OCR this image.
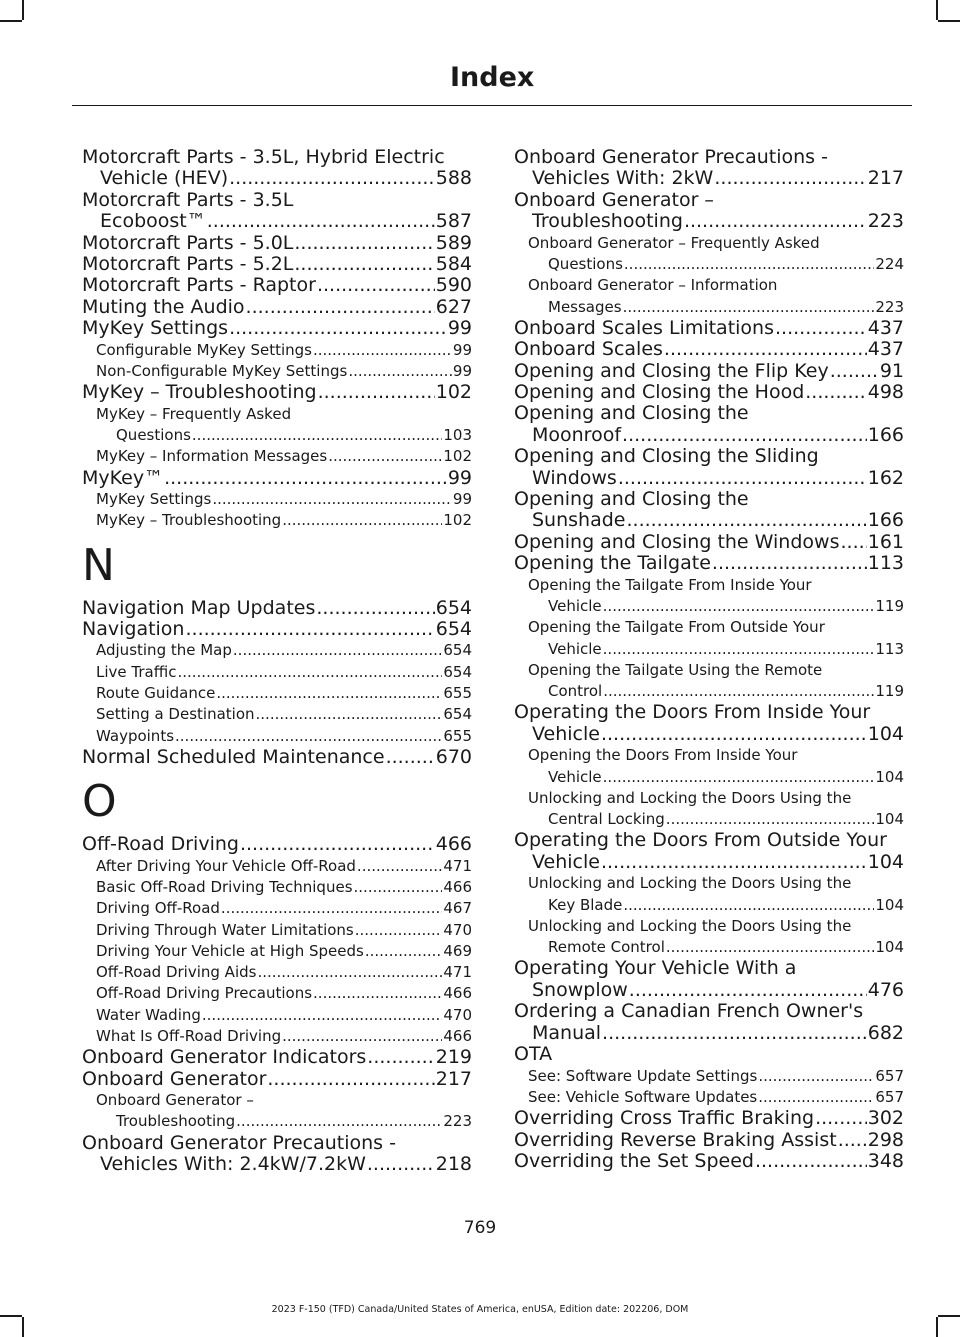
Index
Motorcraft Parts - 3.5L, Hybrid Electric
Vehicle (HEV) .....	588
Motorcraft Parts - 3.5L
Ecoboost™ .....	587
Motorcraft Parts - 5.0L .....	589
Motorcraft Parts - 5.2L .....	584
Motorcraft Parts - Raptor .....	590
Muting the Audio .....	627
MyKey Settings .....	99
Configurable MyKey Settings .....	99
Non-Configurable MyKey Settings .....	99
MyKey – Troubleshooting .....	102
MyKey – Frequently Asked
Questions .....	103
MyKey – Information Messages .....	102
MyKey™ .....	99
MyKey Settings .....	99
MyKey – Troubleshooting .....	102
N
Navigation Map Updates .....	654
Navigation .....	654
Adjusting the Map .....	654
Live Traffic .....	654
Route Guidance .....	655
Setting a Destination .....	654
Waypoints .....	655
Normal Scheduled Maintenance .....	670
O
Off-Road Driving .....	466
After Driving Your Vehicle Off-Road .....	471
Basic Off-Road Driving Techniques .....	466
Driving Off-Road .....	467
Driving Through Water Limitations .....	470
Driving Your Vehicle at High Speeds .....	469
Off-Road Driving Aids .....	471
Off-Road Driving Precautions .....	466
Water Wading .....	470
What Is Off-Road Driving .....	466
Onboard Generator Indicators .....	219
Onboard Generator .....	217
Onboard Generator –
Troubleshooting .....	223
Onboard Generator Precautions -
Vehicles With: 2.4kW/7.2kW .....	218
Onboard Generator Precautions -
Vehicles With: 2kW .....	217
Onboard Generator –
Troubleshooting .....	223
Onboard Generator – Frequently Asked
Questions .....	224
Onboard Generator – Information
Messages .....	223
Onboard Scales Limitations .....	437
Onboard Scales .....	437
Opening and Closing the Flip Key .....	91
Opening and Closing the Hood .....	498
Opening and Closing the
Moonroof .....	166
Opening and Closing the Sliding
Windows .....	162
Opening and Closing the
Sunshade .....	166
Opening and Closing the Windows ..... 161
Opening the Tailgate .....	113
Opening the Tailgate From Inside Your
Vehicle .....	119
Opening the Tailgate From Outside Your
Vehicle .....	113
Opening the Tailgate Using the Remote
Control .....	119
Operating the Doors From Inside Your
Vehicle .....	104
Opening the Doors From Inside Your
Vehicle .....	104
Unlocking and Locking the Doors Using the
Central Locking .....	104
Operating the Doors From Outside Your
Vehicle .....	104
Unlocking and Locking the Doors Using the
Key Blade .....	104
Unlocking and Locking the Doors Using the
Remote Control .....	104
Operating Your Vehicle With a
Snowplow .....	476
Ordering a Canadian French Owner's
Manual .....	682
OTA
See: Software Update Settings .....	657
See: Vehicle Software Updates .....	657
Overriding Cross Traffic Braking .....	302
Overriding Reverse Braking Assist ..... 298
Overriding the Set Speed .....	348
769
2023 F-150 (TFD) Canada/United States of America, enUSA, Edition date: 202206, DOM
